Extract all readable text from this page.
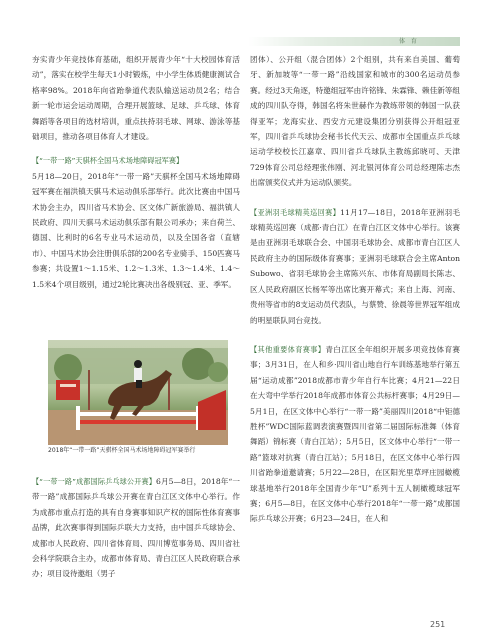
体 育

夯实青少年竞技体育基础，组织开展青少年“十大校园体育活动”，落实在校学生每天1小时锻炼，中小学生体质健康测试合格率98%。2018年向省跆拳道代表队输送运动员2名；结合新一轮市运会运动周期，合理开展篮球、足球、乒乓球、体育舞蹈等各项目的选材培训，重点扶持羽毛球、网球、游泳等基础项目，推动各项目体育人才建设。

【“一带一路”天骐杯全国马术场地障碍冠军赛】

5月18—20日，2018年“一带一路”天骐杯全国马术场地障碍冠军赛在福洪镇天骐马术运动俱乐部举行。此次比赛由中国马术协会主办，四川省马术协会、区文体广新旅游局、福洪镇人民政府、四川天骐马术运动俱乐部有限公司承办；来自荷兰、德国、比利时的6名专业马术运动员，以及全国各省（直辖市）、中国马术协会注册俱乐部的200名专业骑手、150匹赛马参赛；共设置1～1.15米、1.2～1.3米、1.3～1.4米、1.4～1.5米4个项目级别，通过2轮比赛决出各级别冠、亚、季军。

2018年“一带一路”天骐杯全国马术场地障碍冠军赛举行

【“一带一路”成都国际乒乓球公开赛】6月5—8日，2018年“一带一路”成都国际乒乓球公开赛在青白江区文体中心举行。作为成都市重点打造的具有自身赛事知识产权的国际性体育赛事品牌，此次赛事得到国际乒联大力支持，由中国乒乓球协会、成都市人民政府、四川省体育局、四川博览事务局、四川省社会科学院联合主办，成都市体育局、青白江区人民政府联合承办；项目设待邀组（男子

团体）、公开组（混合团体）2个组别，共有来自美国、葡萄牙、新加坡等“一带一路”沿线国家和城市的300名运动员参赛。经过3天角逐，特邀组冠军由许铭锋、朱霖锋、赖佳新等组成的四川队夺得，韩国名将朱世赫作为教练带领的韩国一队获得亚军；龙海实业、西安方元建设集团分别获得公开组冠亚军，四川省乒乓球协会秘书长代天云、成都市全国重点乒乓球运动学校校长江嘉章、四川省乒乓球队主教练邱晓可、天津729体育公司总经理张伟刚、河北银河体育公司总经理陈志杰出席颁奖仪式并为运动队颁奖。

【亚洲羽毛球精英巡回赛】11月17—18日，2018年亚洲羽毛球精英巡回赛（成都·青白江）在青白江区文体中心举行。该赛是由亚洲羽毛球联合会、中国羽毛球协会、成都市青白江区人民政府主办的国际级体育赛事；亚洲羽毛球联合会主席Anton Subowo、省羽毛球协会主席陈兴东、市体育局副局长陈志、区人民政府副区长杨军等出席比赛开幕式；来自上海、河南、贵州等省市的8支运动员代表队，与蔡赞、徐晨等世界冠军组成的明星联队同台竞技。

【其他重要体育赛事】青白江区全年组织开展多项竞技体育赛事；3月31日，在人和乡·四川省山地自行车训练基地举行第五届“运动成都”2018成都市青少年自行车比赛；4月21—22日在大弯中学举行2018年成都市体育公共标杆赛事；4月29日—5月1日，在区文体中心举行“一带一路”美丽四川2018“中钜德胜杯”WDC国际蓝调表演赛暨四川省第二届国际标准舞（体育舞蹈）锦标赛（青白江站）；5月5日，区文体中心举行“一带一路”篮球对抗赛（青白江站）；5月18日，在区文体中心举行四川省跆拳道邀请赛；5月22—28日，在区阳光里草坪庄园橄榄球基地举行2018年全国青少年“U”系列十五人制橄榄球冠军赛；6月5—8日，在区文体中心举行2018年“一带一路”成都国际乒乓球公开赛；6月23—24日，在人和

251
